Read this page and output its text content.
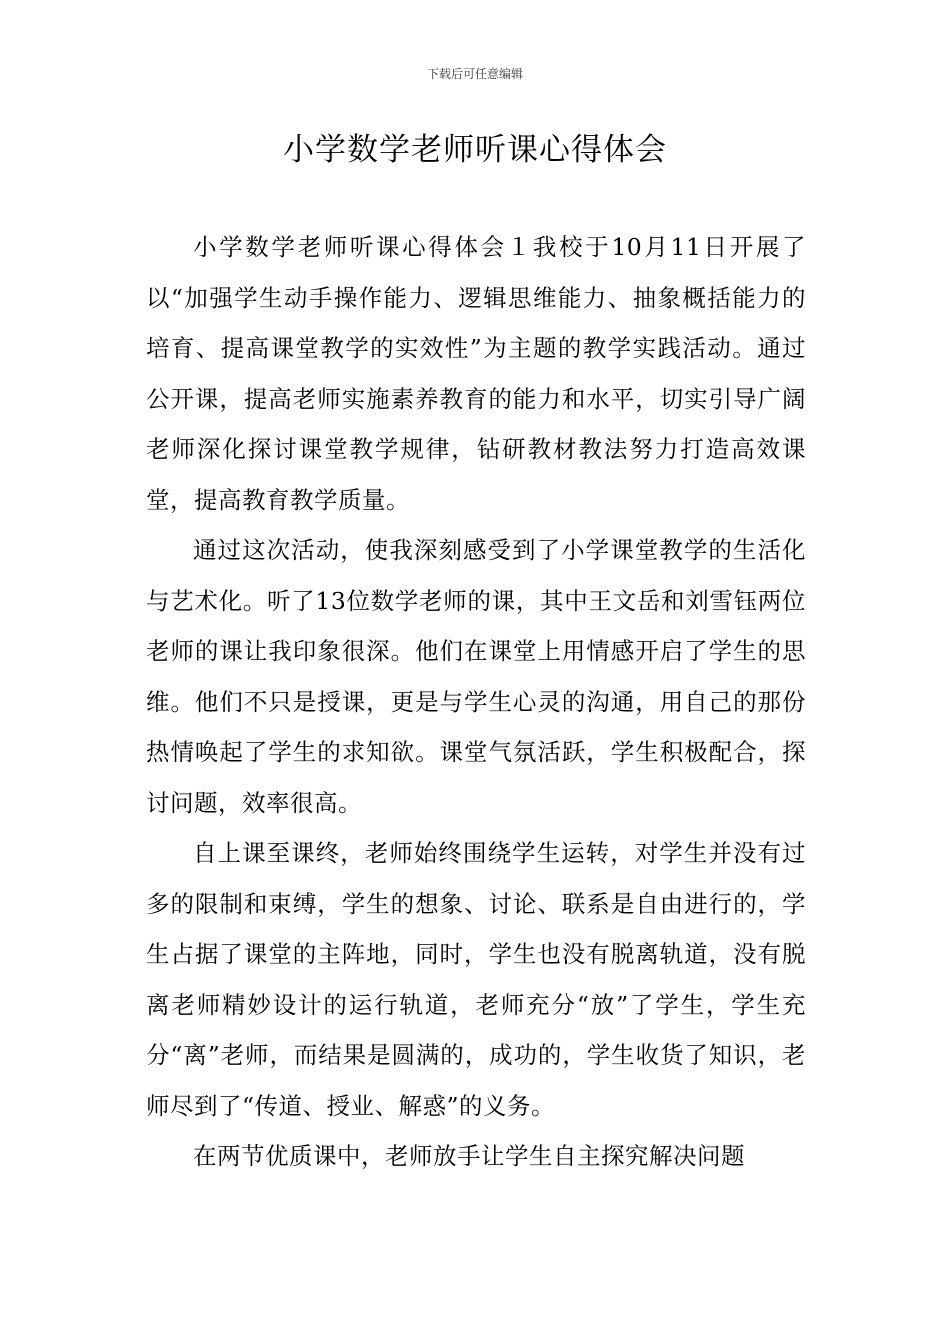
下载后可任意编辑
小学数学老师听课心得体会

小学数学老师听课心得体会１我校于10月11日开展了以“加强学生动手操作能力、逻辑思维能力、抽象概括能力的培育、提高课堂教学的实效性”为主题的教学实践活动。通过公开课，提高老师实施素养教育的能力和水平，切实引导广阔老师深化探讨课堂教学规律，钻研教材教法努力打造高效课堂，提高教育教学质量。

通过这次活动，使我深刻感受到了小学课堂教学的生活化与艺术化。听了13位数学老师的课，其中王文岳和刘雪钰两位老师的课让我印象很深。他们在课堂上用情感开启了学生的思维。他们不只是授课，更是与学生心灵的沟通，用自己的那份热情唤起了学生的求知欲。课堂气氛活跃，学生积极配合，探讨问题，效率很高。

自上课至课终，老师始终围绕学生运转，对学生并没有过多的限制和束缚，学生的想象、讨论、联系是自由进行的，学生占据了课堂的主阵地，同时，学生也没有脱离轨道，没有脱离老师精妙设计的运行轨道，老师充分“放”了学生，学生充分“离”老师，而结果是圆满的，成功的，学生收货了知识，老师尽到了“传道、授业、解惑”的义务。

在两节优质课中，老师放手让学生自主探究解决问题
